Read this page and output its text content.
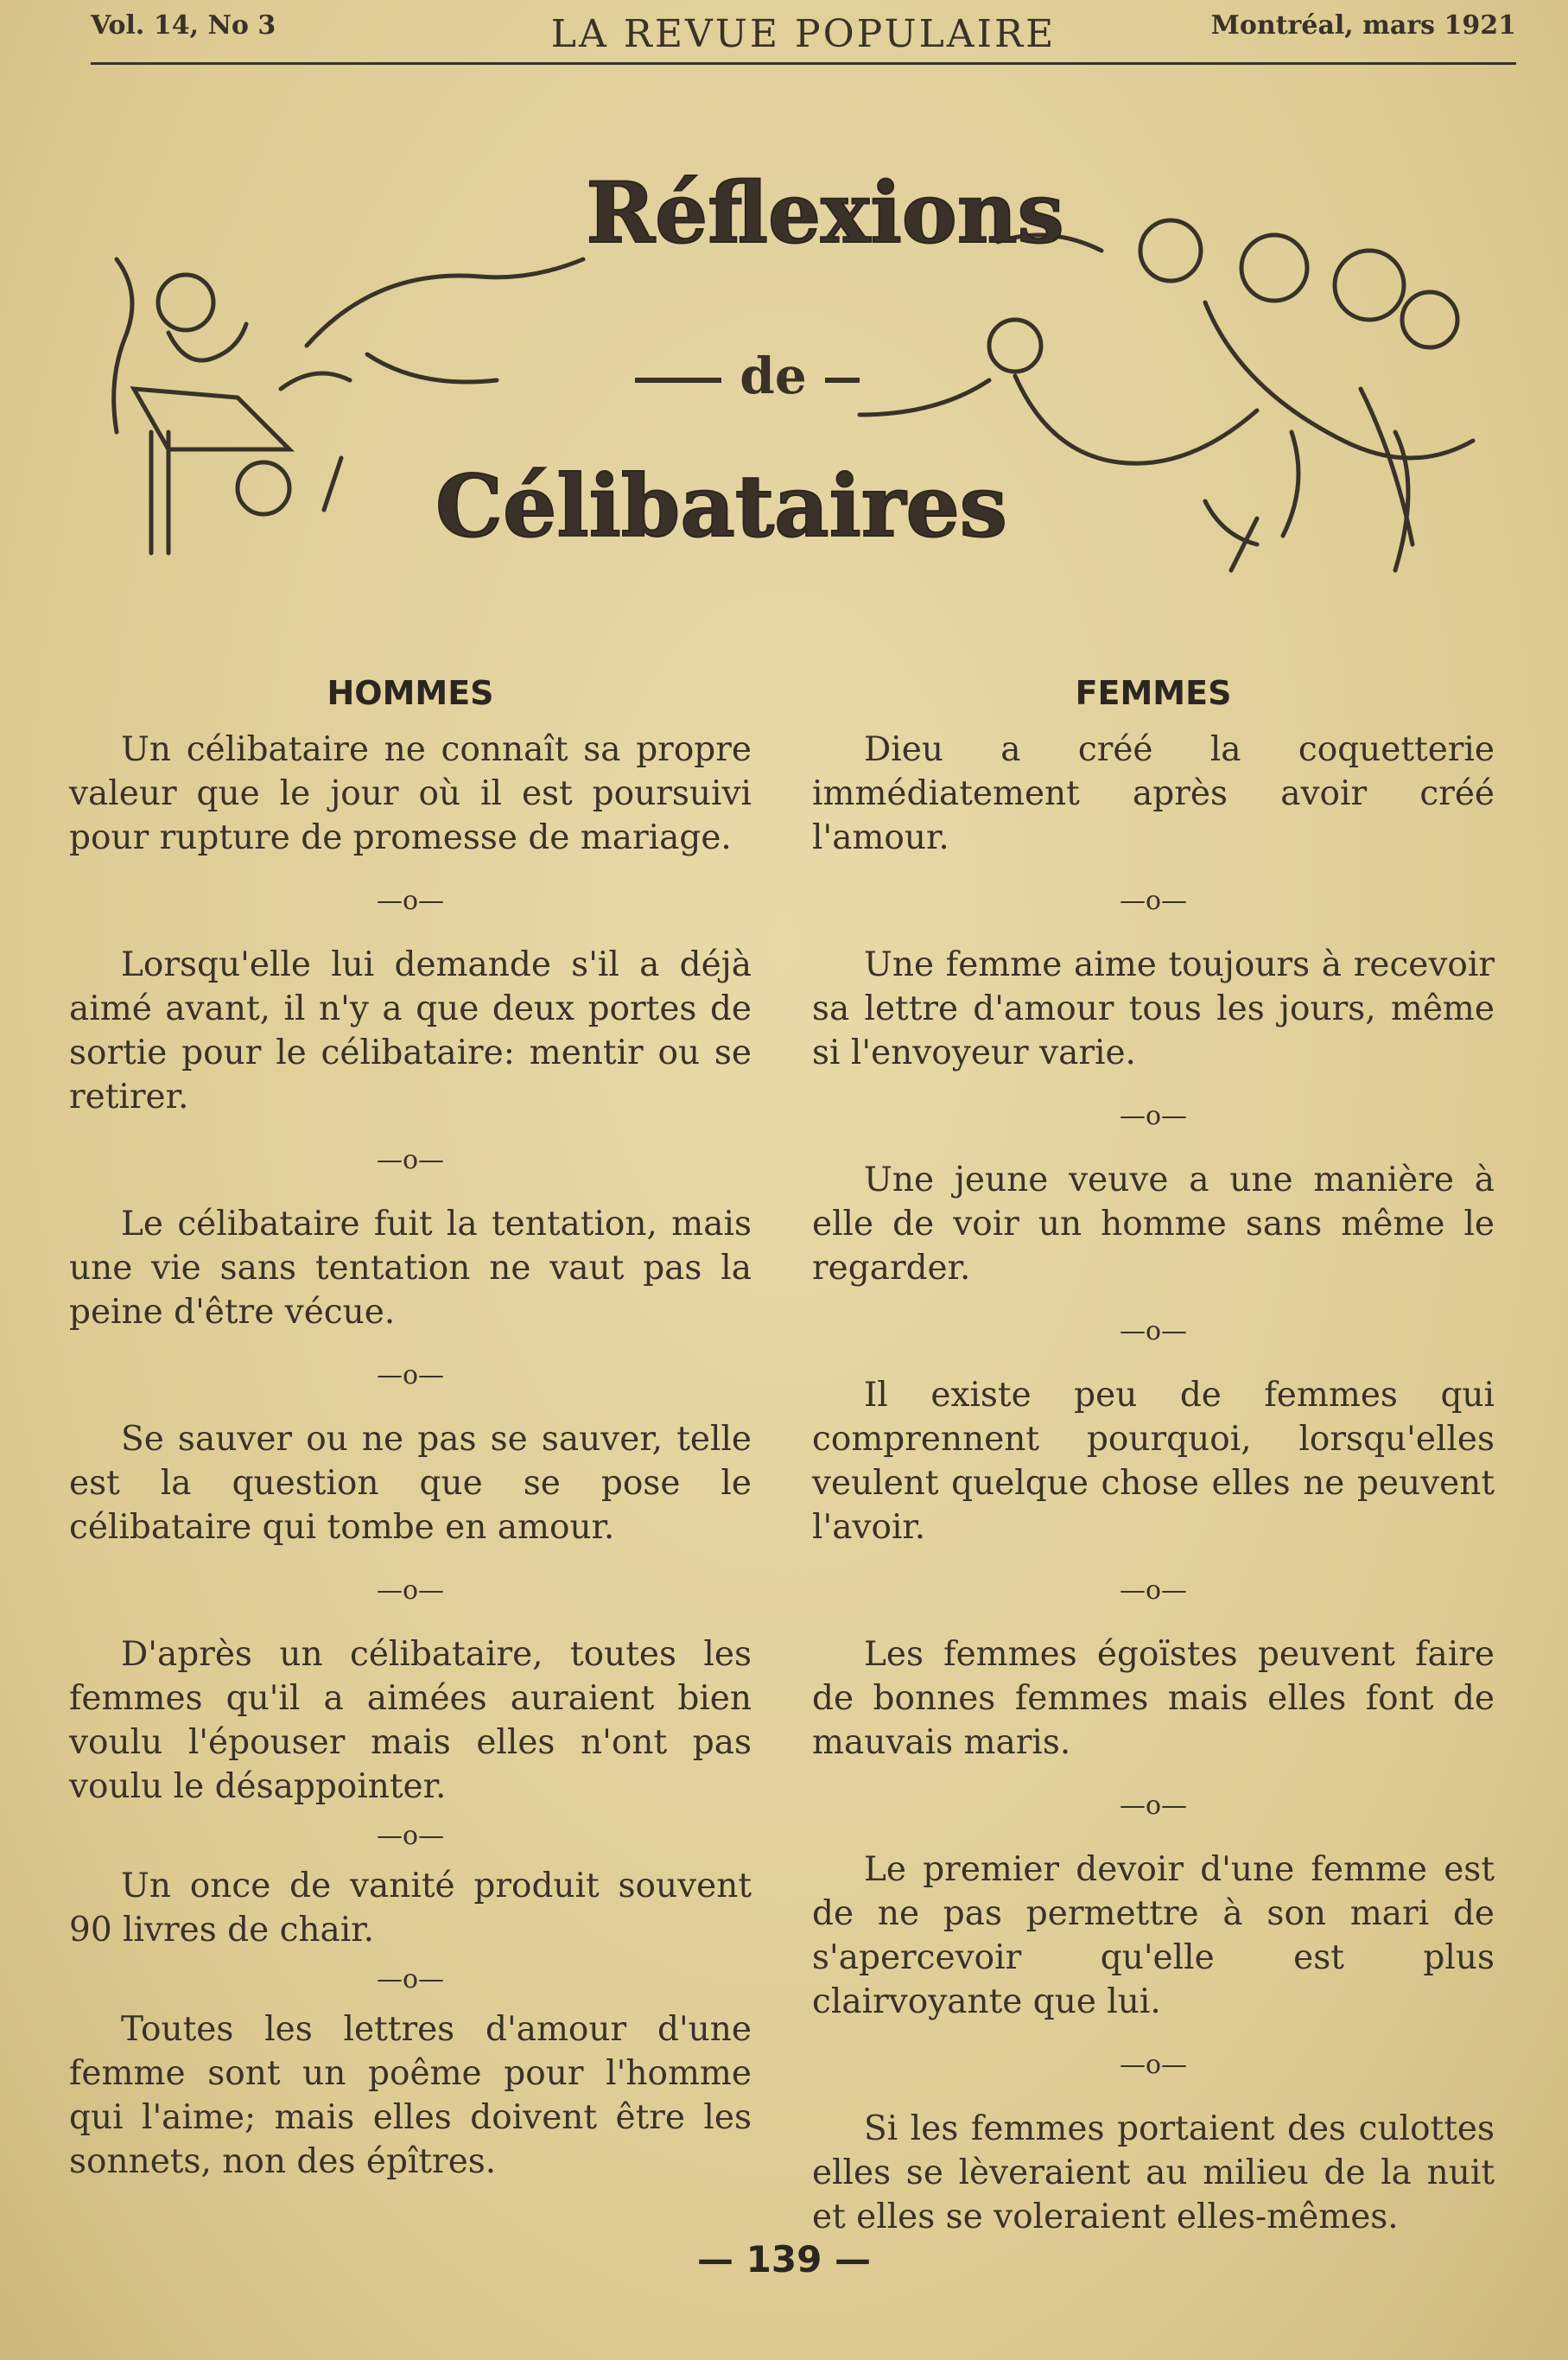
Vol. 14, No 3	LA REVUE POPULAIRE	Montréal, mars 1921
Réflexions
de
Célibataires
HOMMES

Un célibataire ne connaît sa propre valeur que le jour où il est poursuivi pour rupture de promesse de mariage.

—o—

Lorsqu'elle lui demande s'il a déjà aimé avant, il n'y a que deux portes de sortie pour le célibataire: mentir ou se retirer.

—o—

Le célibataire fuit la tentation, mais une vie sans tentation ne vaut pas la peine d'être vécue.

—o—

Se sauver ou ne pas se sauver, telle est la question que se pose le célibataire qui tombe en amour.

—o—

D'après un célibataire, toutes les femmes qu'il a aimées auraient bien voulu l'épouser mais elles n'ont pas voulu le désappointer.

—o—

Un once de vanité produit souvent 90 livres de chair.

—o—

Toutes les lettres d'amour d'une femme sont un poême pour l'homme qui l'aime; mais elles doivent être les sonnets, non des épîtres.

FEMMES

Dieu a créé la coquetterie immédiatement après avoir créé l'amour.

—o—

Une femme aime toujours à recevoir sa lettre d'amour tous les jours, même si l'envoyeur varie.

—o—

Une jeune veuve a une manière à elle de voir un homme sans même le regarder.

—o—

Il existe peu de femmes qui comprennent pourquoi, lorsqu'elles veulent quelque chose elles ne peuvent l'avoir.

—o—

Les femmes égoïstes peuvent faire de bonnes femmes mais elles font de mauvais maris.

—o—

Le premier devoir d'une femme est de ne pas permettre à son mari de s'apercevoir qu'elle est plus clairvoyante que lui.

—o—

Si les femmes portaient des culottes elles se lèveraient au milieu de la nuit et elles se voleraient elles-mêmes.

— 139 —
